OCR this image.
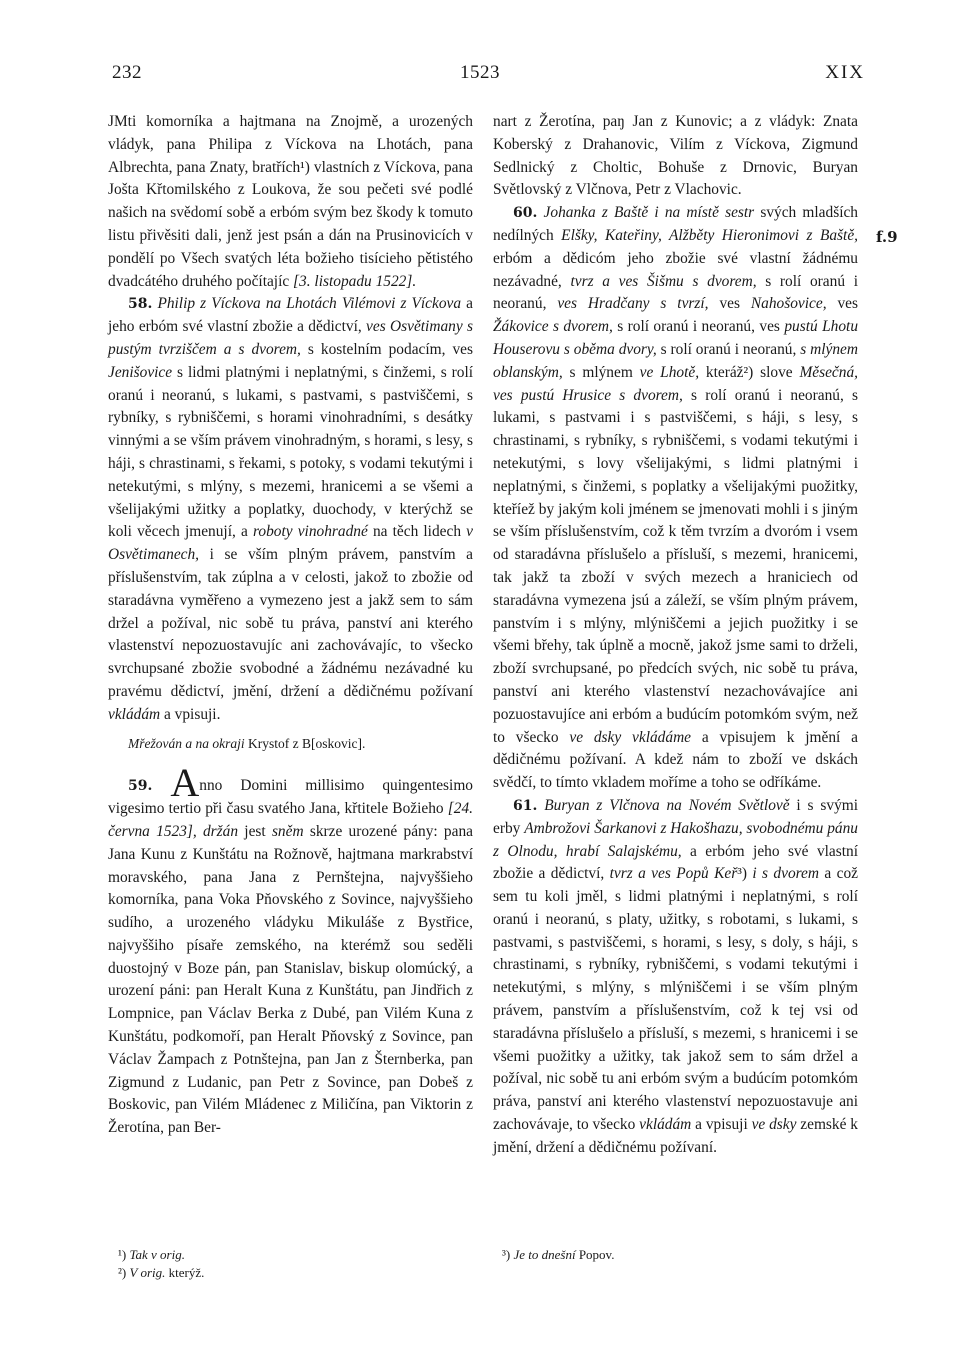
232	1523	XIX
f.9

JMti komorníka a hajtmana na Znojmě, a urozených vládyk, pana Philipa z Víckova na Lhotách, pana Albrechta, pana Znaty, bratřích¹) vlastních z Víckova, pana Jošta Křtomilského z Loukova, že sou pečeti své podlé našich na svědomí sobě a erbóm svým bez škody k tomuto listu přivěsiti dali, jenž jest psán a dán na Prusinovicích v pondělí po Všech svatých léta božieho tisícieho pětistého dvadcátého druhého počítajíc [3. listopadu 1522].

58. Philip z Víckova na Lhotách Vilémovi z Víckova a jeho erbóm své vlastní zbožie a dědictví, ves Osvětimany s pustým tvrziščem a s dvorem, s kostelním podacím, ves Jenišovice s lidmi platnými i neplatnými, s činžemi, s rolí oranú i neoranú, s lukami, s pastvami, s pastviščemi, s rybníky, s rybniščemi, s horami vinohradními, s desátky vinnými a se vším právem vinohradným, s horami, s lesy, s háji, s chrastinami, s řekami, s potoky, s vodami tekutými i netekutými, s mlýny, s mezemi, hranicemi a se všemi a všelijakými užitky a poplatky, duochody, v kterýchž se koli věcech jmenují, a roboty vinohradné na těch lidech v Osvětimanech, i se vším plným právem, panstvím a příslušenstvím, tak zúplna a v celosti, jakož to zbožie od staradávna vyměřeno a vymezeno jest a jakž sem to sám držel a požíval, nic sobě tu práva, panství ani kterého vlastenství nepozuostavujíc ani zachovávajíc, to všecko svrchupsané zbožie svobodné a žádnému nezávadné ku pravému dědictví, jmění, držení a dědičnému požívaní vkládám a vpisuji.

Mřežován a na okraji Krystof z B[oskovic].

59. Anno Domini millisimo quingentesimo vigesimo tertio při času svatého Jana, křtitele Božieho [24. června 1523], držán jest sněm skrze urozené pány: pana Jana Kunu z Kunštátu na Rožnově, hajtmana markrabství moravského, pana Jana z Pernštejna, najvyššieho komorníka, pana Voka Pňovského z Sovince, najvyššieho sudího, a urozeného vládyku Mikuláše z Bystřice, najvyššiho písaře zemského, na kterémž sou seděli duostojný v Boze pán, pan Stanislav, biskup olomúcký, a urození páni: pan Heralt Kuna z Kunštátu, pan Jindřich z Lompnice, pan Václav Berka z Dubé, pan Vilém Kuna z Kunštátu, podkomoří, pan Heralt Pňovský z Sovince, pan Václav Žampach z Potnštejna, pan Jan z Šternberka, pan Zigmund z Ludanic, pan Petr z Sovince, pan Dobeš z Boskovic, pan Vilém Mládenec z Miličína, pan Viktorin z Žerotína, pan Ber-

nart z Žerotína, paŋ Jan z Kunovic; a z vládyk: Znata Koberský z Drahanovic, Vilím z Víckova, Zigmund Sedlnický z Choltic, Bohuše z Drnovic, Buryan Světlovský z Vlčnova, Petr z Vlachovic.

60. Johanka z Baště i na místě sestr svých mladších nedílných Elšky, Kateřiny, Alžběty Hieronimovi z Baště, erbóm a dědicóm jeho zbožie své vlastní žádnému nezávadné, tvrz a ves Šišmu s dvorem, s rolí oranú i neoranú, ves Hradčany s tvrzí, ves Nahošovice, ves Žákovice s dvorem, s rolí oranú i neoranú, ves pustú Lhotu Houserovu s oběma dvory, s rolí oranú i neoranú, s mlýnem oblanským, s mlýnem ve Lhotě, kteráž²) slove Měsečná, ves pustú Hrusice s dvorem, s rolí oranú i neoranú, s lukami, s pastvami i s pastviščemi, s háji, s lesy, s chrastinami, s rybníky, s rybniščemi, s vodami tekutými i netekutými, s lovy všelijakými, s lidmi platnými i neplatnými, s činžemi, s poplatky a všelijakými puožitky, kteříež by jakým koli jménem se jmenovati mohli i s jiným se vším příslušenstvím, což k těm tvrzím a dvoróm i vsem od staradávna příslušelo a přísluší, s mezemi, hranicemi, tak jakž ta zboží v svých mezech a hraniciech od staradávna vymezena jsú a záleží, se vším plným právem, panstvím i s mlýny, mlýniščemi a jejich puožitky i se všemi břehy, tak úplně a mocně, jakož jsme sami to drželi, zboží svrchupsané, po předcích svých, nic sobě tu práva, panství ani kterého vlastenství nezachovávajíce ani pozuostavujíce ani erbóm a budúcím potomkóm svým, než to všecko ve dsky vkládáme a vpisujem k jmění a dědičnému požívaní. A kdež nám to zboží ve dskách svědčí, to tímto vkladem moříme a toho se odříkáme.

61. Buryan z Vlčnova na Novém Světlově i s svými erby Ambrožovi Šarkanovi z Hakošhazu, svobodnému pánu z Olnodu, hrabí Salajskému, a erbóm jeho své vlastní zbožie a dědictví, tvrz a ves Popů Keř³) i s dvorem a což sem tu koli jměl, s lidmi platnými i neplatnými, s rolí oranú i neoranú, s platy, užitky, s robotami, s lukami, s pastvami, s pastviščemi, s horami, s lesy, s doly, s háji, s chrastinami, s rybníky, rybniščemi, s vodami tekutými i netekutými, s mlýny, s mlýniščemi i se vším plným právem, panstvím a příslušenstvím, což k tej vsi od staradávna příslušelo a přísluší, s mezemi, s hranicemi i se všemi puožitky a užitky, tak jakož sem to sám držel a požíval, nic sobě tu ani erbóm svým a budúcím potomkóm práva, panství ani kterého vlastenství nepozuostavuje ani zachovávaje, to všecko vkládám a vpisuji ve dsky zemské k jmění, držení a dědičnému požívaní.

¹) Tak v orig.
²) V orig. kterýž.
³) Je to dnešní Popov.
